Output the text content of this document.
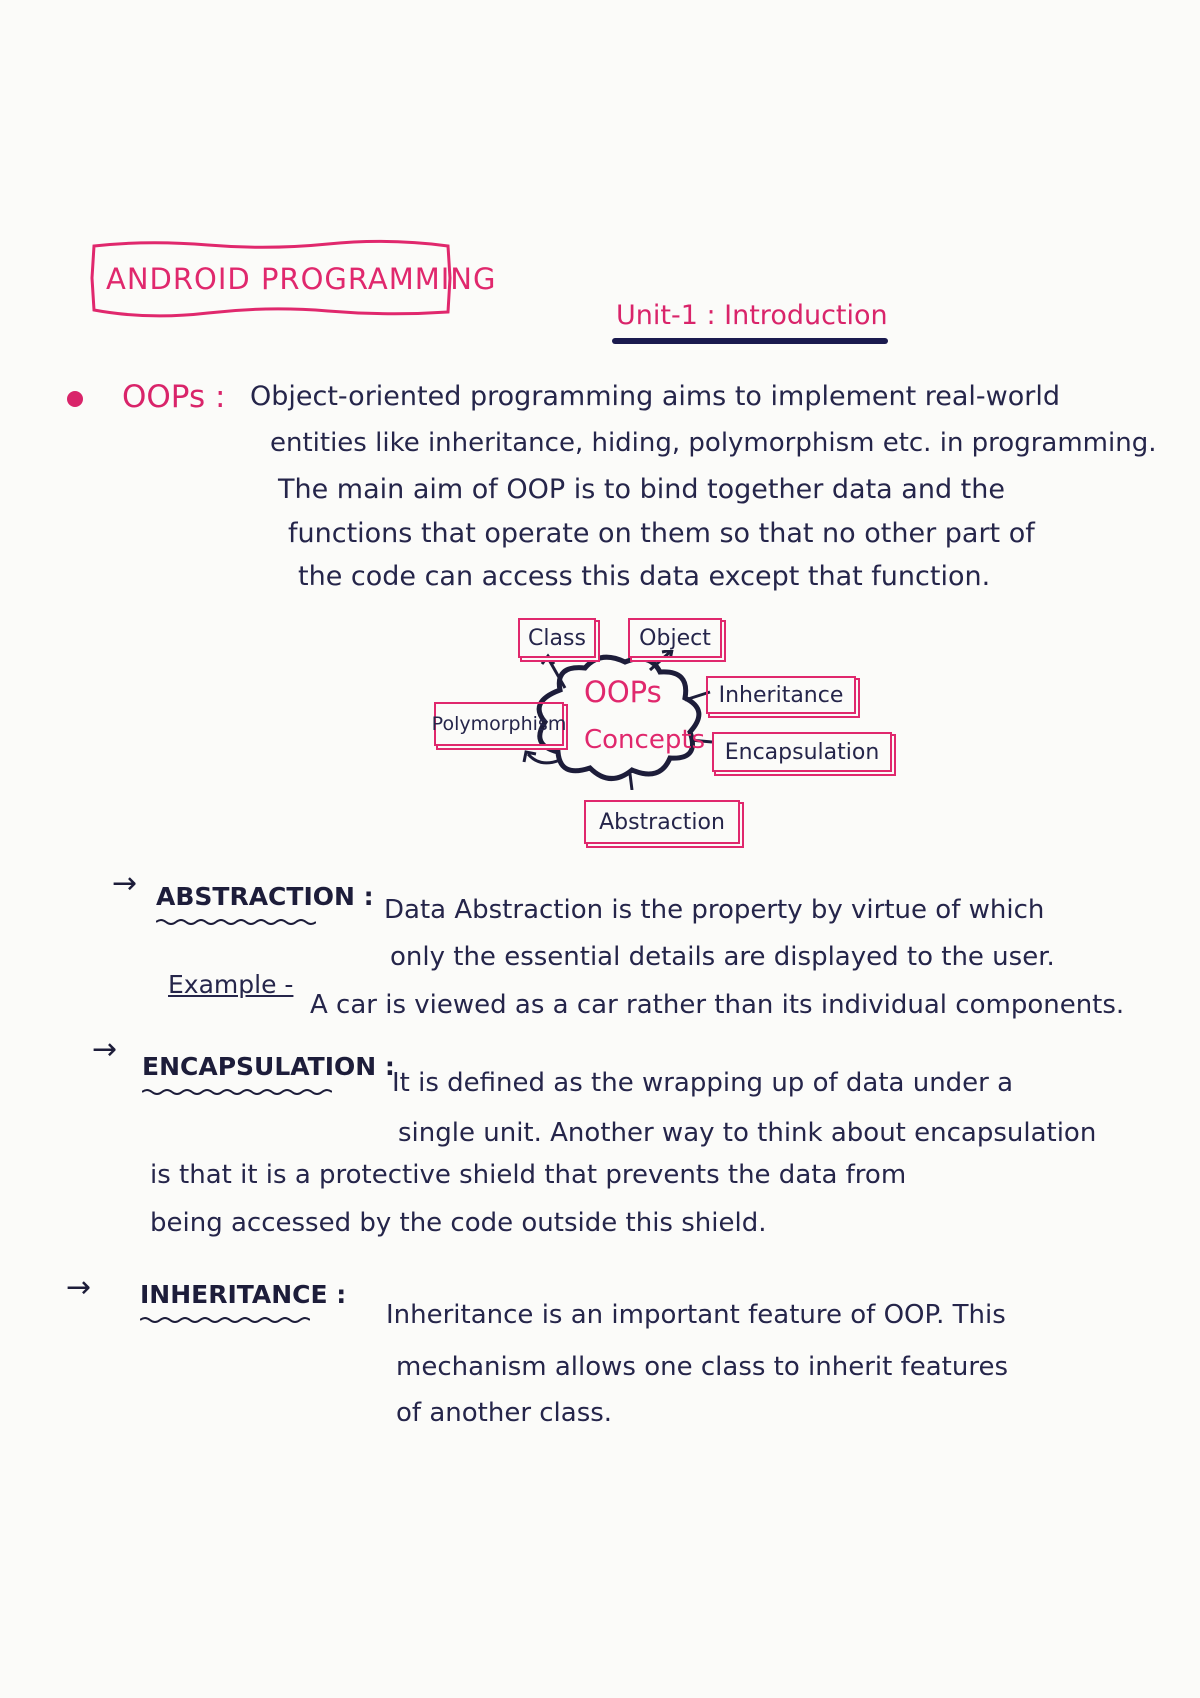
ANDROID PROGRAMMING
Unit-1 : Introduction
OOPs : Object-oriented programming aims to implement real-world
entities like inheritance, hiding, polymorphism etc. in programming.
The main aim of OOP is to bind together data and the
functions that operate on them so that no other part of
the code can access this data except that function.
OOPs
Concepts
Class	Object
Inheritance
Encapsulation
Polymorphism
Abstraction
→ ABSTRACTION : Data Abstraction is the property by virtue of which
only the essential details are displayed to the user.
Example -
A car is viewed as a car rather than its individual components.
→ ENCAPSULATION :
It is defined as the wrapping up of data under a
single unit. Another way to think about encapsulation
is that it is a protective shield that prevents the data from
being accessed by the code outside this shield.
→ INHERITANCE :
Inheritance is an important feature of OOP. This
mechanism allows one class to inherit features
of another class.
